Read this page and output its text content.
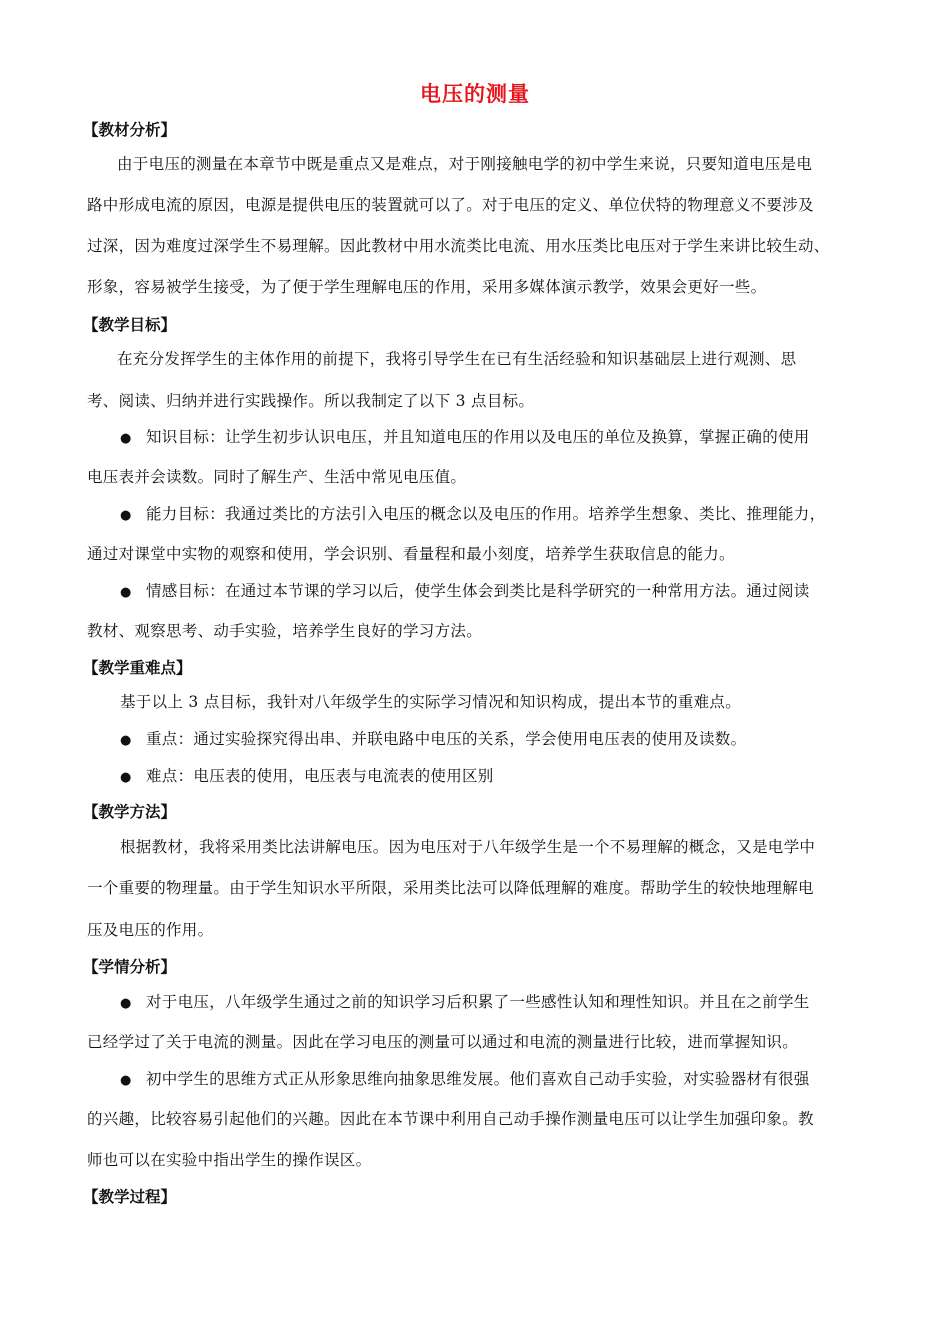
电压的测量
【教材分析】
由于电压的测量在本章节中既是重点又是难点，对于刚接触电学的初中学生来说，只要知道电压是电
路中形成电流的原因，电源是提供电压的装置就可以了。对于电压的定义、单位伏特的物理意义不要涉及
过深，因为难度过深学生不易理解。因此教材中用水流类比电流、用水压类比电压对于学生来讲比较生动、
形象，容易被学生接受，为了便于学生理解电压的作用，采用多媒体演示教学，效果会更好一些。
【教学目标】
在充分发挥学生的主体作用的前提下，我将引导学生在已有生活经验和知识基础层上进行观测、思
考、阅读、归纳并进行实践操作。所以我制定了以下 3 点目标。
● 知识目标：让学生初步认识电压，并且知道电压的作用以及电压的单位及换算，掌握正确的使用
电压表并会读数。同时了解生产、生活中常见电压值。
● 能力目标：我通过类比的方法引入电压的概念以及电压的作用。培养学生想象、类比、推理能力，
通过对课堂中实物的观察和使用，学会识别、看量程和最小刻度，培养学生获取信息的能力。
● 情感目标：在通过本节课的学习以后，使学生体会到类比是科学研究的一种常用方法。通过阅读
教材、观察思考、动手实验，培养学生良好的学习方法。
【教学重难点】
基于以上 3 点目标，我针对八年级学生的实际学习情况和知识构成，提出本节的重难点。
● 重点：通过实验探究得出串、并联电路中电压的关系，学会使用电压表的使用及读数。
● 难点：电压表的使用，电压表与电流表的使用区别
【教学方法】
根据教材，我将采用类比法讲解电压。因为电压对于八年级学生是一个不易理解的概念，又是电学中
一个重要的物理量。由于学生知识水平所限，采用类比法可以降低理解的难度。帮助学生的较快地理解电
压及电压的作用。
【学情分析】
● 对于电压，八年级学生通过之前的知识学习后积累了一些感性认知和理性知识。并且在之前学生
已经学过了关于电流的测量。因此在学习电压的测量可以通过和电流的测量进行比较，进而掌握知识。
● 初中学生的思维方式正从形象思维向抽象思维发展。他们喜欢自己动手实验，对实验器材有很强
的兴趣，比较容易引起他们的兴趣。因此在本节课中利用自己动手操作测量电压可以让学生加强印象。教
师也可以在实验中指出学生的操作误区。
【教学过程】
